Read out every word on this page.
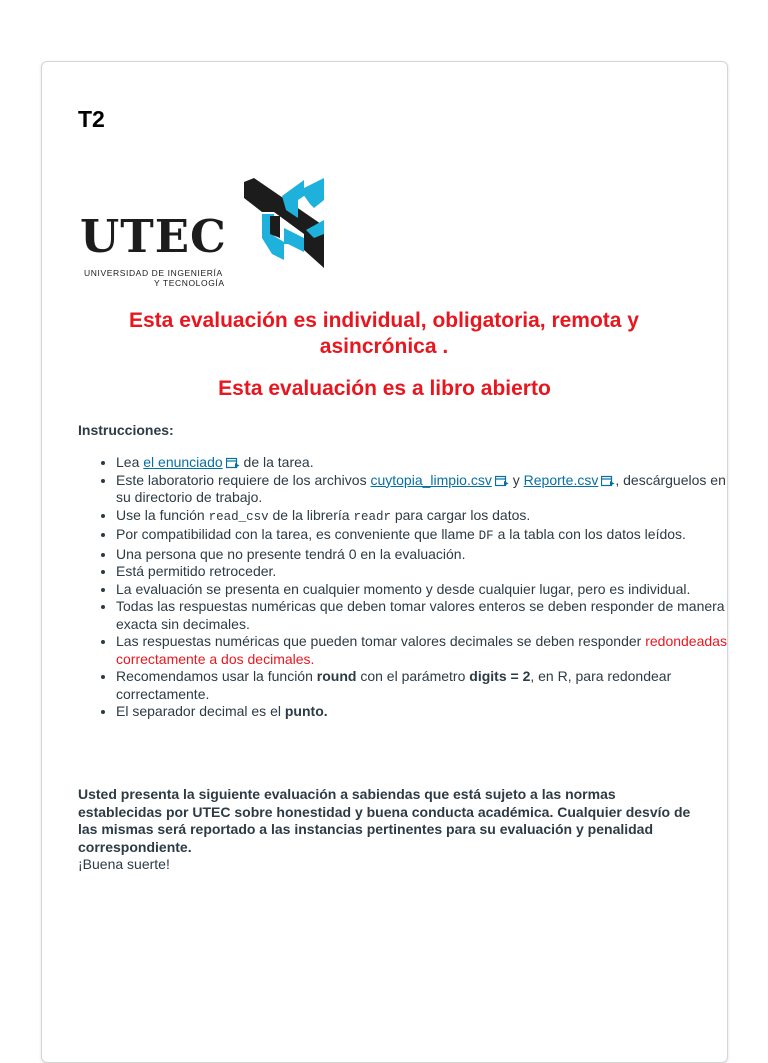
T2
UTEC
UNIVERSIDAD DE INGENIERÍA
Y TECNOLOGÍA
Esta evaluación es individual, obligatoria, remota y asincrónica .
Esta evaluación es a libro abierto
Instrucciones:
• Lea el enunciado de la tarea.
• Este laboratorio requiere de los archivos cuytopia_limpio.csv y Reporte.csv , descárguelos en su directorio de trabajo.
• Use la función read_csv de la librería readr para cargar los datos.
• Por compatibilidad con la tarea, es conveniente que llame DF a la tabla con los datos leídos.
• Una persona que no presente tendrá 0 en la evaluación.
• Está permitido retroceder.
• La evaluación se presenta en cualquier momento y desde cualquier lugar, pero es individual.
• Todas las respuestas numéricas que deben tomar valores enteros se deben responder de manera exacta sin decimales.
• Las respuestas numéricas que pueden tomar valores decimales se deben responder redondeadas correctamente a dos decimales.
• Recomendamos usar la función round con el parámetro digits = 2, en R, para redondear correctamente.
• El separador decimal es el punto.
Usted presenta la siguiente evaluación a sabiendas que está sujeto a las normas establecidas por UTEC sobre honestidad y buena conducta académica. Cualquier desvío de las mismas será reportado a las instancias pertinentes para su evaluación y penalidad correspondiente.
¡Buena suerte!
